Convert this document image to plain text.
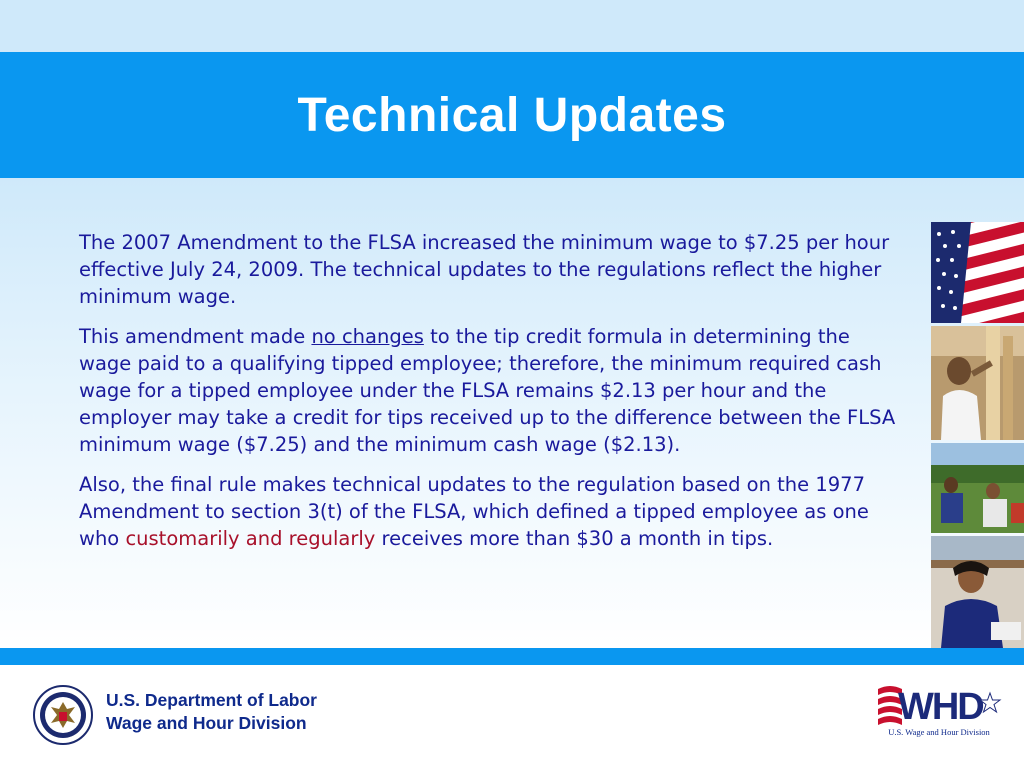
Technical Updates

The 2007 Amendment to the FLSA increased the minimum wage to $7.25 per hour effective July 24, 2009. The technical updates to the regulations reflect the higher minimum wage.

This amendment made no changes to the tip credit formula in determining the wage paid to a qualifying tipped employee; therefore, the minimum required cash wage for a tipped employee under the FLSA remains $2.13 per hour and the employer may take a credit for tips received up to the difference between the FLSA minimum wage ($7.25) and the minimum cash wage ($2.13).

Also, the final rule makes technical updates to the regulation based on the 1977 Amendment to section 3(t) of the FLSA, which defined a tipped employee as one who customarily and regularly receives more than $30 a month in tips.

U.S. Department of Labor
Wage and Hour Division	WHD
U.S. Wage and Hour Division
